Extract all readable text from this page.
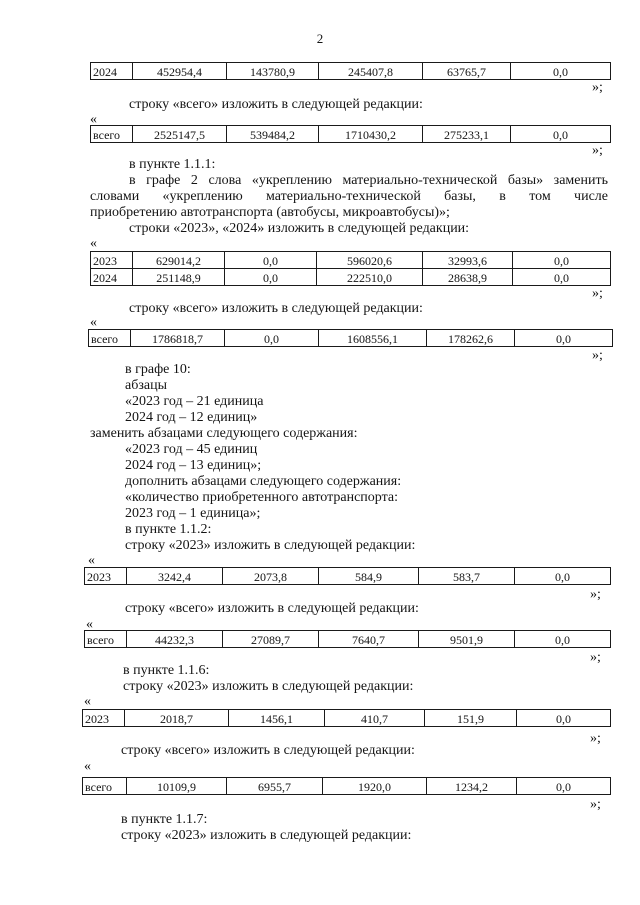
2
2024	452954,4	143780,9	245407,8	63765,7	0,0
»;
строку «всего» изложить в следующей редакции:
«
всего	2525147,5	539484,2	1710430,2	275233,1	0,0
»;
в пункте 1.1.1:
в графе 2 слова «укреплению материально-технической базы» заменить
словами «укреплению материально-технической базы, в том числе
приобретению автотранспорта (автобусы, микроавтобусы)»;
строки «2023», «2024» изложить в следующей редакции:
«
2023	629014,2	0,0	596020,6	32993,6	0,0
2024	251148,9	0,0	222510,0	28638,9	0,0
»;
строку «всего» изложить в следующей редакции:
«
всего	1786818,7	0,0	1608556,1	178262,6	0,0
»;
в графе 10:
абзацы
«2023 год – 21 единица
2024 год – 12 единиц»
заменить абзацами следующего содержания:
«2023 год – 45 единиц
2024 год – 13 единиц»;
дополнить абзацами следующего содержания:
«количество приобретенного автотранспорта:
2023 год – 1 единица»;
в пункте 1.1.2:
строку «2023» изложить в следующей редакции:
«
2023	3242,4	2073,8	584,9	583,7	0,0
»;
строку «всего» изложить в следующей редакции:
«
всего	44232,3	27089,7	7640,7	9501,9	0,0
»;
в пункте 1.1.6:
строку «2023» изложить в следующей редакции:
«
2023	2018,7	1456,1	410,7	151,9	0,0
»;
строку «всего» изложить в следующей редакции:
«
всего	10109,9	6955,7	1920,0	1234,2	0,0
»;
в пункте 1.1.7:
строку «2023» изложить в следующей редакции:
